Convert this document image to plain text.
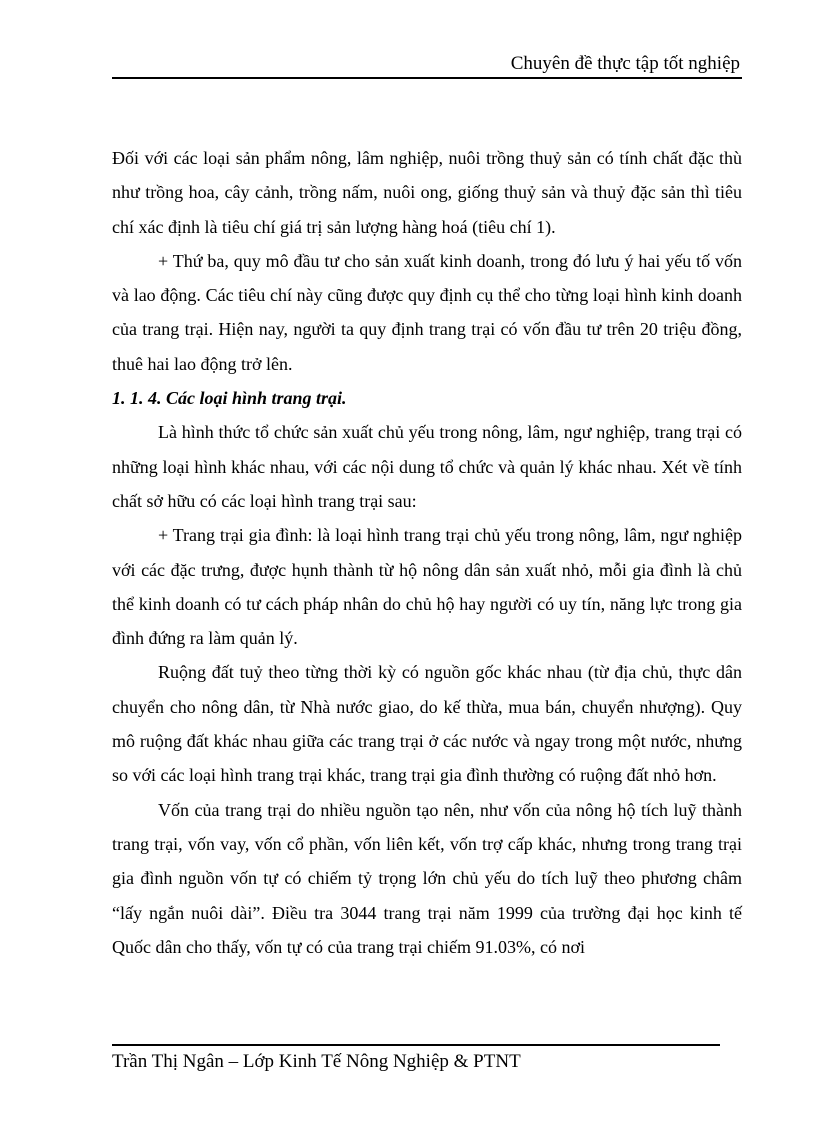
Chuyên đề thực tập tốt nghiệp

Đối với các loại sản phẩm nông, lâm nghiệp, nuôi trồng thuỷ sản có tính chất đặc thù như trồng hoa, cây cảnh, trồng nấm, nuôi ong, giống thuỷ sản và thuỷ đặc sản thì tiêu chí xác định là tiêu chí giá trị sản lượng hàng hoá (tiêu chí 1).

+ Thứ ba, quy mô đầu tư cho sản xuất kinh doanh, trong đó lưu ý hai yếu tố vốn và lao động. Các tiêu chí này cũng được quy định cụ thể cho từng loại hình kinh doanh của trang trại. Hiện nay, người ta quy định trang trại có vốn đầu tư trên 20 triệu đồng, thuê hai lao động trở lên.

1. 1. 4. Các loại hình trang trại.

Là hình thức tổ chức sản xuất chủ yếu trong nông, lâm, ngư nghiệp, trang trại có những loại hình khác nhau, với các nội dung tổ chức và quản lý khác nhau. Xét về tính chất sở hữu có các loại hình trang trại sau:

+ Trang trại gia đình: là loại hình trang trại chủ yếu trong nông, lâm, ngư nghiệp với các đặc trưng, được hụnh thành từ hộ nông dân sản xuất nhỏ, mỗi gia đình là chủ thể kinh doanh có tư cách pháp nhân do chủ hộ hay người có uy tín, năng lực trong gia đình đứng ra làm quản lý.

Ruộng đất tuỷ theo từng thời kỳ có nguồn gốc khác nhau (từ địa chủ, thực dân chuyển cho nông dân, từ Nhà nước giao, do kế thừa, mua bán, chuyển nhượng). Quy mô ruộng đất khác nhau giữa các trang trại ở các nước và ngay trong một nước, nhưng so với các loại hình trang trại khác, trang trại gia đình thường có ruộng đất nhỏ hơn.

Vốn của trang trại do nhiều nguồn tạo nên, như vốn của nông hộ tích luỹ thành trang trại, vốn vay, vốn cổ phần, vốn liên kết, vốn trợ cấp khác, nhưng trong trang trại gia đình nguồn vốn tự có chiếm tỷ trọng lớn chủ yếu do tích luỹ theo phương châm “lấy ngắn nuôi dài”. Điều tra 3044 trang trại năm 1999 của trường đại học kinh tế Quốc dân cho thấy, vốn tự có của trang trại chiếm 91.03%, có nơi

Trần Thị Ngân – Lớp Kinh Tế Nông Nghiệp & PTNT
